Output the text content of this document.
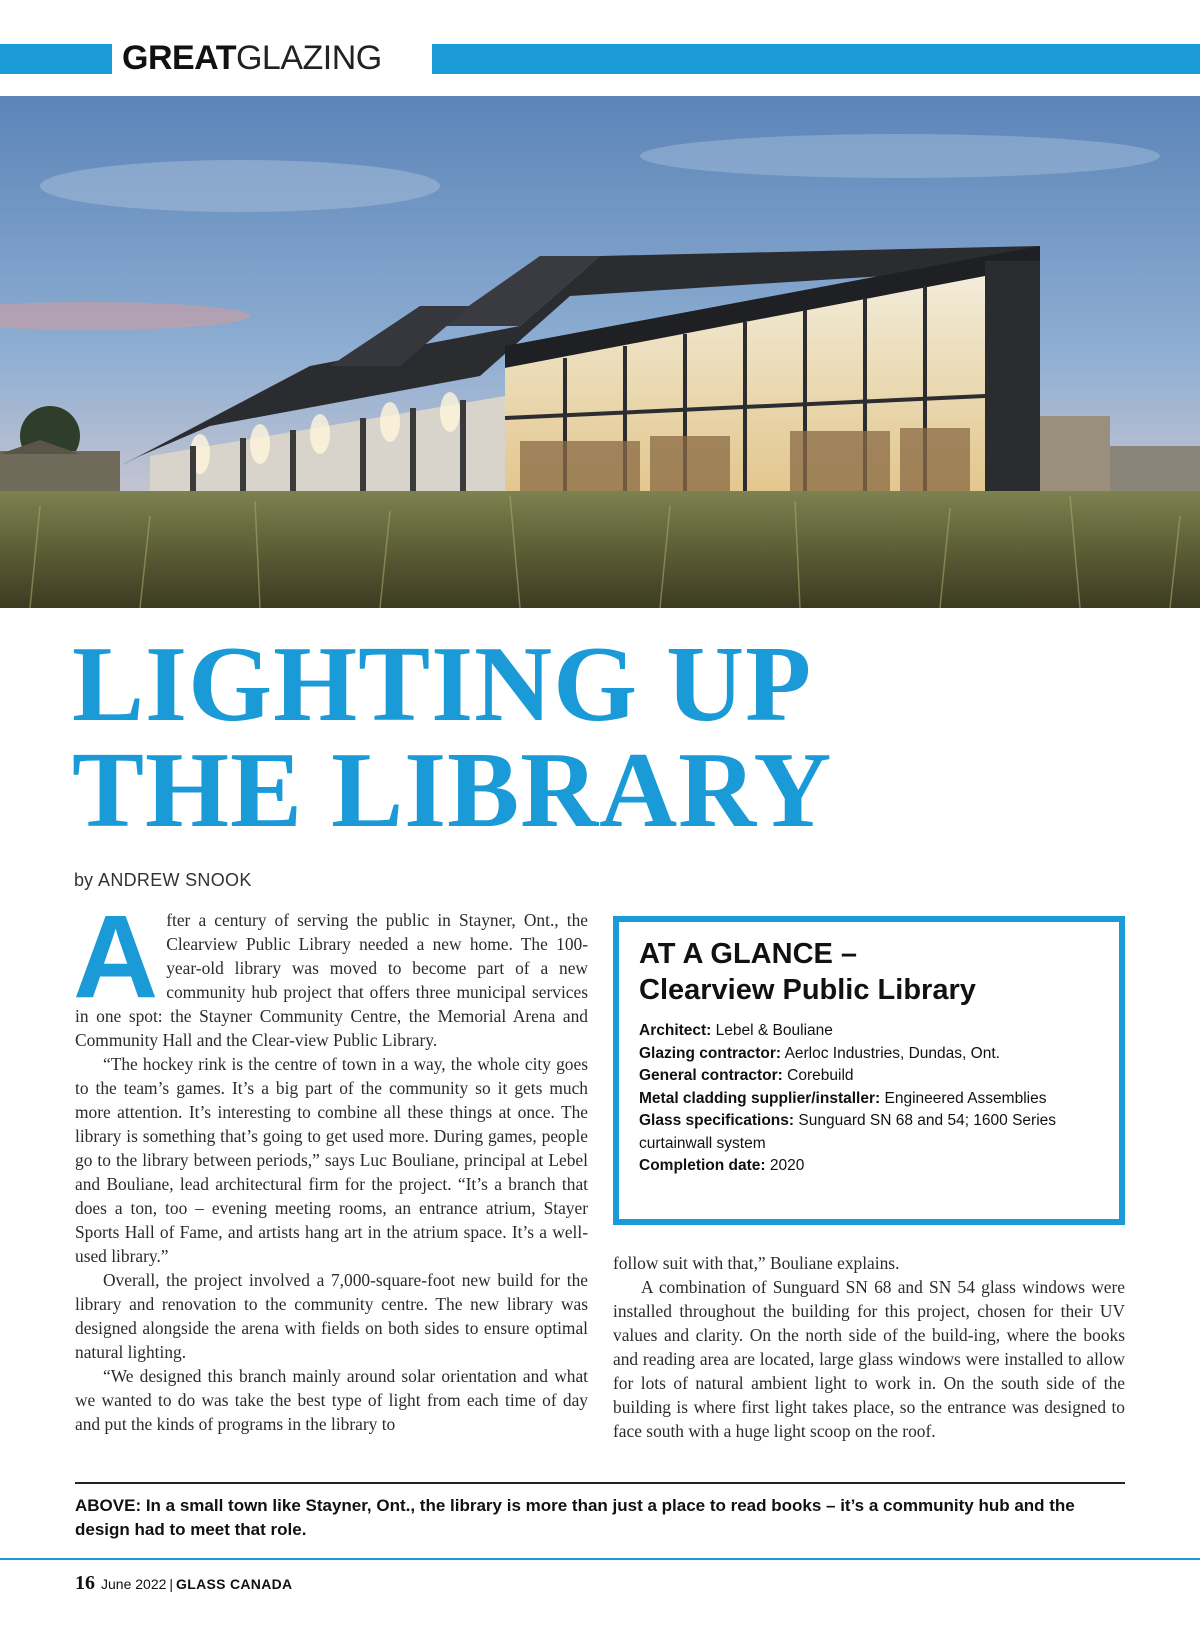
GREATGLAZING
LIGHTING UP
THE LIBRARY
by ANDREW SNOOK

After a century of serving the public in Stayner, Ont., the Clearview Public Library needed a new home. The 100-year-old library was moved to become part of a new community hub project that offers three municipal services in one spot: the Stayner Community Centre, the Memorial Arena and Community Hall and the Clear-view Public Library.

“The hockey rink is the centre of town in a way, the whole city goes to the team’s games. It’s a big part of the community so it gets much more attention. It’s interesting to combine all these things at once. The library is something that’s going to get used more. During games, people go to the library between periods,” says Luc Bouliane, principal at Lebel and Bouliane, lead architectural firm for the project. “It’s a branch that does a ton, too – evening meeting rooms, an entrance atrium, Stayer Sports Hall of Fame, and artists hang art in the atrium space. It’s a well-used library.”

Overall, the project involved a 7,000-square-foot new build for the library and renovation to the community centre. The new library was designed alongside the arena with fields on both sides to ensure optimal natural lighting.

“We designed this branch mainly around solar orientation and what we wanted to do was take the best type of light from each time of day and put the kinds of programs in the library to

AT A GLANCE –
Clearview Public Library
Architect: Lebel & Bouliane
Glazing contractor: Aerloc Industries, Dundas, Ont.
General contractor: Corebuild
Metal cladding supplier/installer: Engineered Assemblies
Glass specifications: Sunguard SN 68 and 54; 1600 Series curtainwall system
Completion date: 2020

follow suit with that,” Bouliane explains.

A combination of Sunguard SN 68 and SN 54 glass windows were installed throughout the building for this project, chosen for their UV values and clarity. On the north side of the build-ing, where the books and reading area are located, large glass windows were installed to allow for lots of natural ambient light to work in. On the south side of the building is where first light takes place, so the entrance was designed to face south with a huge light scoop on the roof.

ABOVE: In a small town like Stayner, Ont., the library is more than just a place to read books – it’s a community hub and the design had to meet that role.
16 June 2022 | GLASS CANADA
